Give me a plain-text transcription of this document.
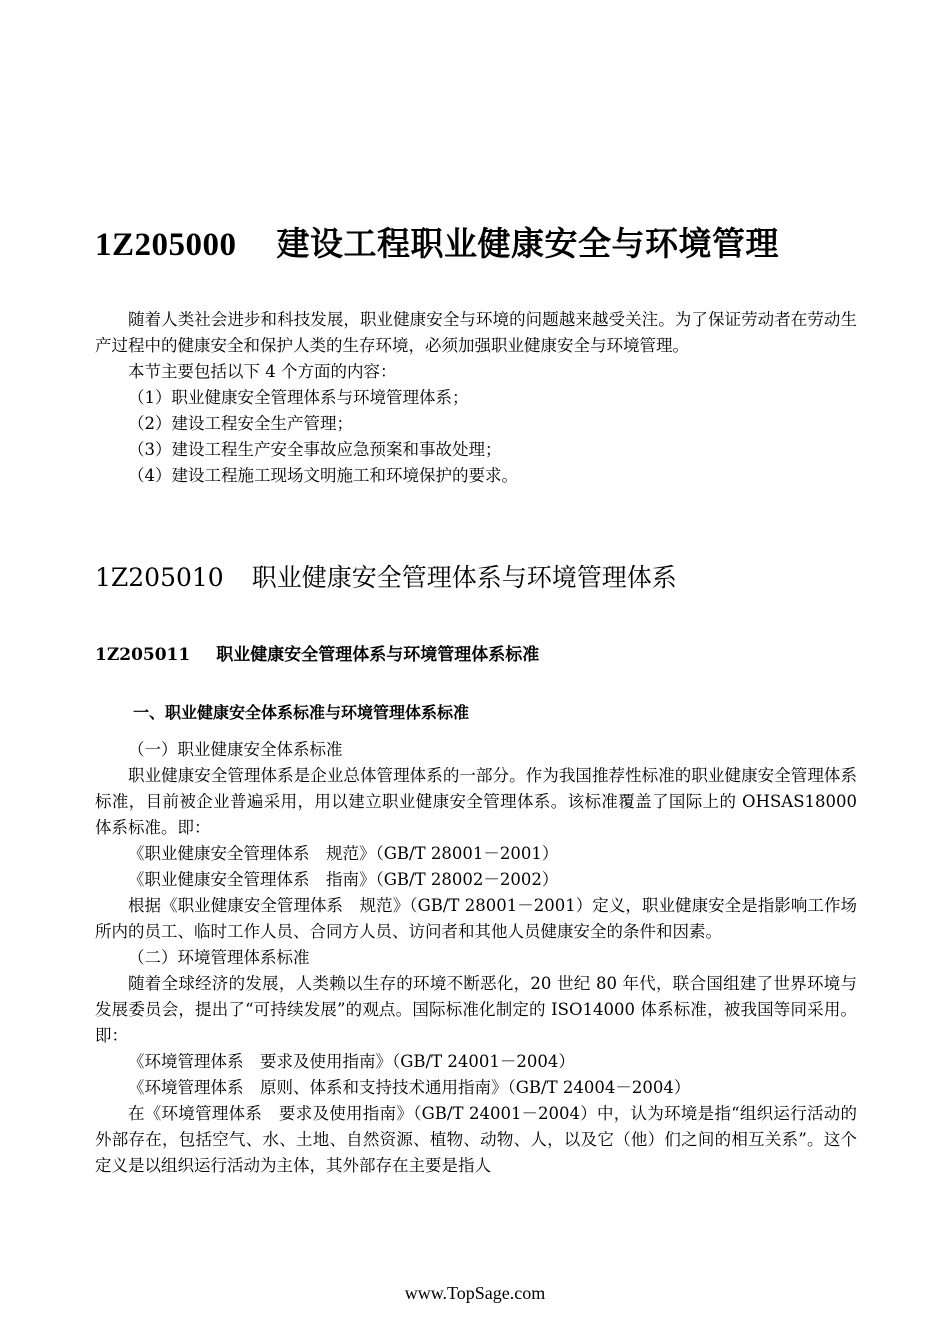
1Z205000 建设工程职业健康安全与环境管理

随着人类社会进步和科技发展，职业健康安全与环境的问题越来越受关注。为了保证劳动者在劳动生产过程中的健康安全和保护人类的生存环境，必须加强职业健康安全与环境管理。

本节主要包括以下 4 个方面的内容：

（1）职业健康安全管理体系与环境管理体系；

（2）建设工程安全生产管理；

（3）建设工程生产安全事故应急预案和事故处理；

（4）建设工程施工现场文明施工和环境保护的要求。

1Z205010 职业健康安全管理体系与环境管理体系
1Z205011 职业健康安全管理体系与环境管理体系标准
一、职业健康安全体系标准与环境管理体系标准

（一）职业健康安全体系标准

职业健康安全管理体系是企业总体管理体系的一部分。作为我国推荐性标准的职业健康安全管理体系标准，目前被企业普遍采用，用以建立职业健康安全管理体系。该标准覆盖了国际上的 OHSAS18000 体系标准。即：

《职业健康安全管理体系　规范》（GB/T 28001－2001）

《职业健康安全管理体系　指南》（GB/T 28002－2002）

根据《职业健康安全管理体系　规范》（GB/T 28001－2001）定义，职业健康安全是指影响工作场所内的员工、临时工作人员、合同方人员、访问者和其他人员健康安全的条件和因素。

（二）环境管理体系标准

随着全球经济的发展，人类赖以生存的环境不断恶化，20 世纪 80 年代，联合国组建了世界环境与发展委员会，提出了“可持续发展”的观点。国际标准化制定的 ISO14000 体系标准，被我国等同采用。即：

《环境管理体系　要求及使用指南》（GB/T 24001－2004）

《环境管理体系　原则、体系和支持技术通用指南》（GB/T 24004－2004）

在《环境管理体系　要求及使用指南》（GB/T 24001－2004）中，认为环境是指“组织运行活动的外部存在，包括空气、水、土地、自然资源、植物、动物、人，以及它（他）们之间的相互关系”。这个定义是以组织运行活动为主体，其外部存在主要是指人

www.TopSage.com
